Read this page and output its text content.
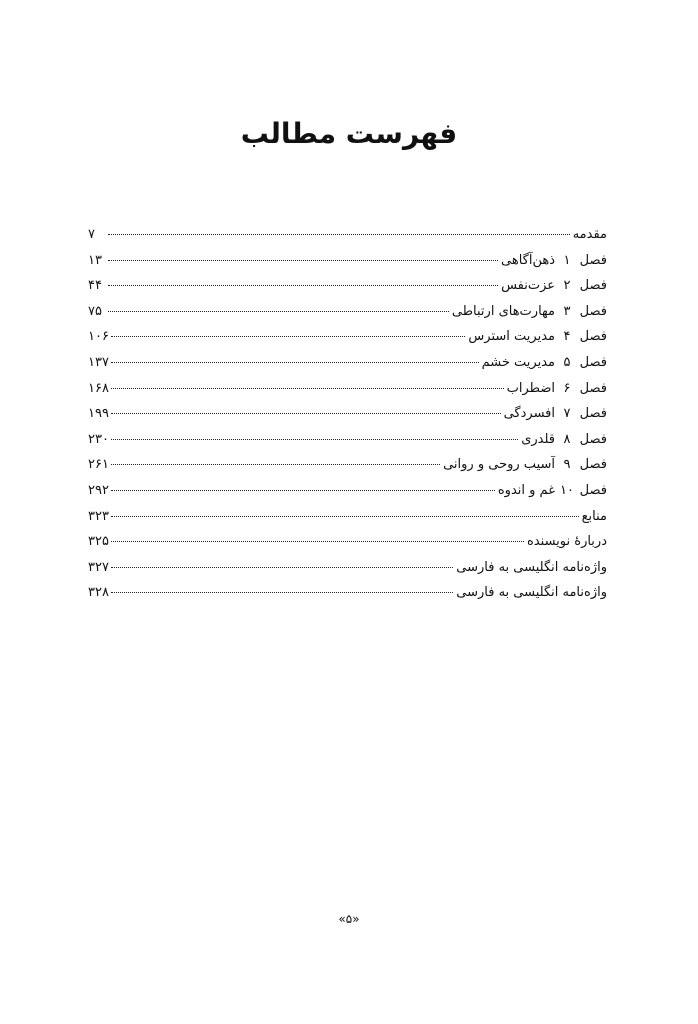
فهرست مطالب
مقدمه
۷
فصل
۱
ذهن‌آگاهی
۱۳
فصل
۲
عزت‌نفس
۴۴
فصل
۳
مهارت‌های ارتباطی
۷۵
فصل
۴
مدیریت استرس
۱۰۶
فصل
۵
مدیریت خشم
۱۳۷
فصل
۶
اضطراب
۱۶۸
فصل
۷
افسردگی
۱۹۹
فصل
۸
قلدری
۲۳۰
فصل
۹
آسیب روحی و روانی
۲۶۱
فصل
۱۰
غم و اندوه
۲۹۲
منابع
۳۲۳
دربارهٔ نویسنده
۳۲۵
واژه‌نامه انگلیسی به فارسی
۳۲۷
واژه‌نامه انگلیسی به فارسی
۳۲۸
«۵»
